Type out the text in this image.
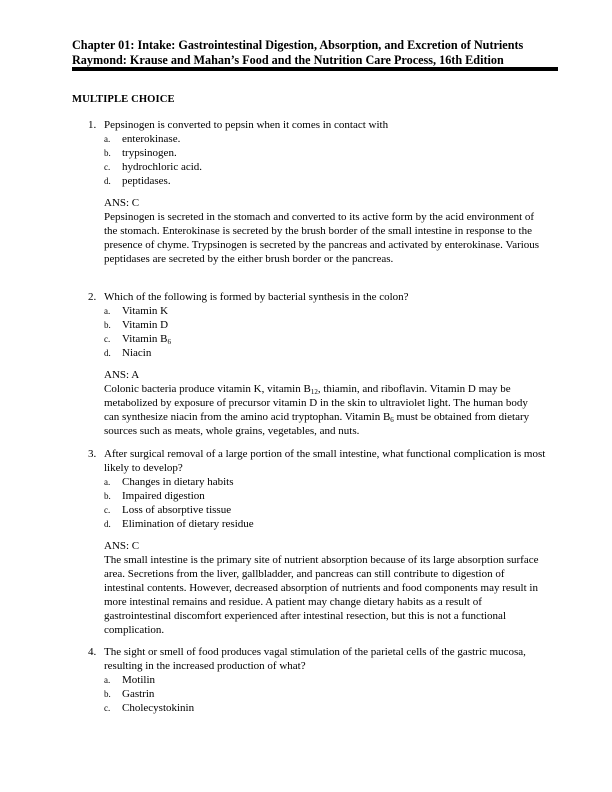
Chapter 01: Intake: Gastrointestinal Digestion, Absorption, and Excretion of Nutrients
Raymond: Krause and Mahan’s Food and the Nutrition Care Process, 16th Edition
MULTIPLE CHOICE
1. Pepsinogen is converted to pepsin when it comes in contact with
a. enterokinase.
b. trypsinogen.
c. hydrochloric acid.
d. peptidases.
ANS: C
Pepsinogen is secreted in the stomach and converted to its active form by the acid environment of the stomach. Enterokinase is secreted by the brush border of the small intestine in response to the presence of chyme. Trypsinogen is secreted by the pancreas and activated by enterokinase. Various peptidases are secreted by the either brush border or the pancreas.
2. Which of the following is formed by bacterial synthesis in the colon?
a. Vitamin K
b. Vitamin D
c. Vitamin $B_6$
d. Niacin
ANS: A
Colonic bacteria produce vitamin K, vitamin $B_{12}$, thiamin, and riboflavin. Vitamin D may be metabolized by exposure of precursor vitamin D in the skin to ultraviolet light. The human body can synthesize niacin from the amino acid tryptophan. Vitamin $B_6$ must be obtained from dietary sources such as meats, whole grains, vegetables, and nuts.
3. After surgical removal of a large portion of the small intestine, what functional complication is most likely to develop?
a. Changes in dietary habits
b. Impaired digestion
c. Loss of absorptive tissue
d. Elimination of dietary residue
ANS: C
The small intestine is the primary site of nutrient absorption because of its large absorption surface area. Secretions from the liver, gallbladder, and pancreas can still contribute to digestion of intestinal contents. However, decreased absorption of nutrients and food components may result in more intestinal remains and residue. A patient may change dietary habits as a result of gastrointestinal discomfort experienced after intestinal resection, but this is not a functional complication.
4. The sight or smell of food produces vagal stimulation of the parietal cells of the gastric mucosa, resulting in the increased production of what?
a. Motilin
b. Gastrin
c. Cholecystokinin
